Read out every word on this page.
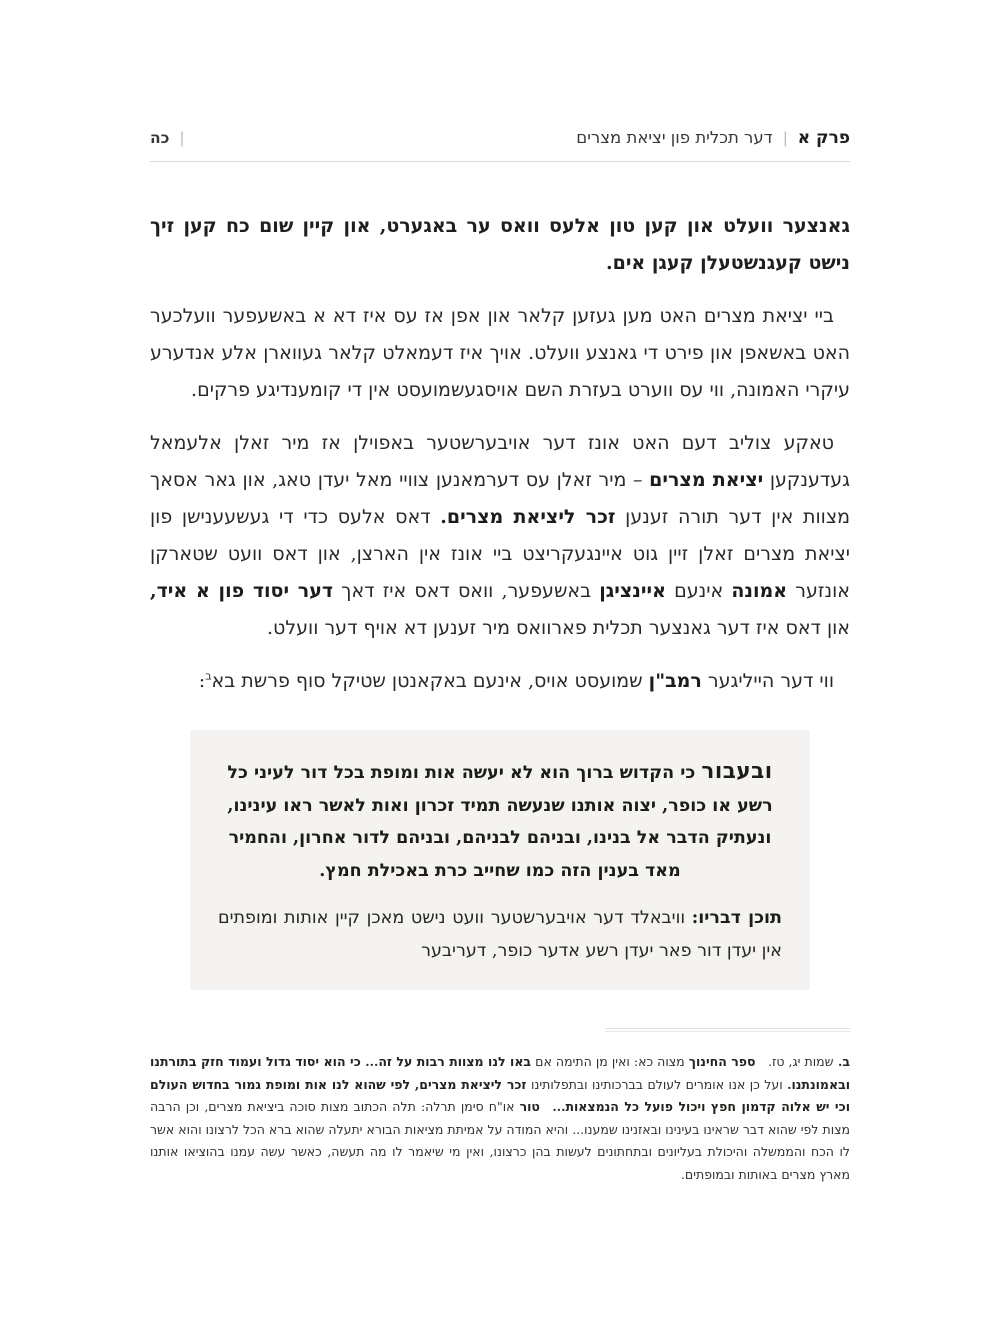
פרק א
|
דער תכלית פון יציאת מצרים
|
כה

גאנצער וועלט און קען טון אלעס וואס ער באגערט, און קיין שום כח קען זיך נישט קעגנשטעלן קעגן אים.

ביי יציאת מצרים האט מען געזען קלאר און אפן אז עס איז דא א באשעפער וועלכער האט באשאפן און פירט די גאנצע וועלט. אויך איז דעמאלט קלאר געווארן אלע אנדערע עיקרי האמונה, ווי עס ווערט בעזרת השם אויסגעשמועסט אין די קומענדיגע פרקים.

טאקע צוליב דעם האט אונז דער אויבערשטער באפוילן אז מיר זאלן אלעמאל געדענקען יציאת מצרים – מיר זאלן עס דערמאנען צוויי מאל יעדן טאג, און גאר אסאך מצוות אין דער תורה זענען זכר ליציאת מצרים. דאס אלעס כדי די געשעענישן פון יציאת מצרים זאלן זיין גוט איינגעקריצט ביי אונז אין הארצן, און דאס וועט שטארקן אונזער אמונה אינעם איינציגן באשעפער, וואס דאס איז דאך דער יסוד פון א איד, און דאס איז דער גאנצער תכלית פארוואס מיר זענען דא אויף דער וועלט.

ווי דער הייליגער רמב"ן שמועסט אויס, אינעם באקאנטן שטיקל סוף פרשת בא$^ב$:

ובעבור כי הקדוש ברוך הוא לא יעשה אות ומופת בכל דור לעיני כל רשע או כופר, יצוה אותנו שנעשה תמיד זכרון ואות לאשר ראו עינינו, ונעתיק הדבר אל בנינו, ובניהם לבניהם, ובניהם לדור אחרון, והחמיר מאד בענין הזה כמו שחייב כרת באכילת חמץ.

תוכן דבריו: וויבאלד דער אויבערשטער וועט נישט מאכן קיין אותות ומופתים אין יעדן דור פאר יעדן רשע אדער כופר, דעריבער

ב. שמות יג, טז.  ספר החינוך מצוה כא: ואין מן התימה אם באו לנו מצוות רבות על זה... כי הוא יסוד גדול ועמוד חזק בתורתנו ובאמונתנו. ועל כן אנו אומרים לעולם בברכותינו ובתפלותינו זכר ליציאת מצרים, לפי שהוא לנו אות ומופת גמור בחדוש העולם וכי יש אלוה קדמון חפץ ויכול פועל כל הנמצאות...  טור או"ח סימן תרלה: תלה הכתוב מצות סוכה ביציאת מצרים, וכן הרבה מצות לפי שהוא דבר שראינו בעינינו ובאזנינו שמענו... והיא המודה על אמיתת מציאות הבורא יתעלה שהוא ברא הכל לרצונו והוא אשר לו הכח והממשלה והיכולת בעליונים ובתחתונים לעשות בהן כרצונו, ואין מי שיאמר לו מה תעשה, כאשר עשה עמנו בהוציאו אותנו מארץ מצרים באותות ובמופתים.
